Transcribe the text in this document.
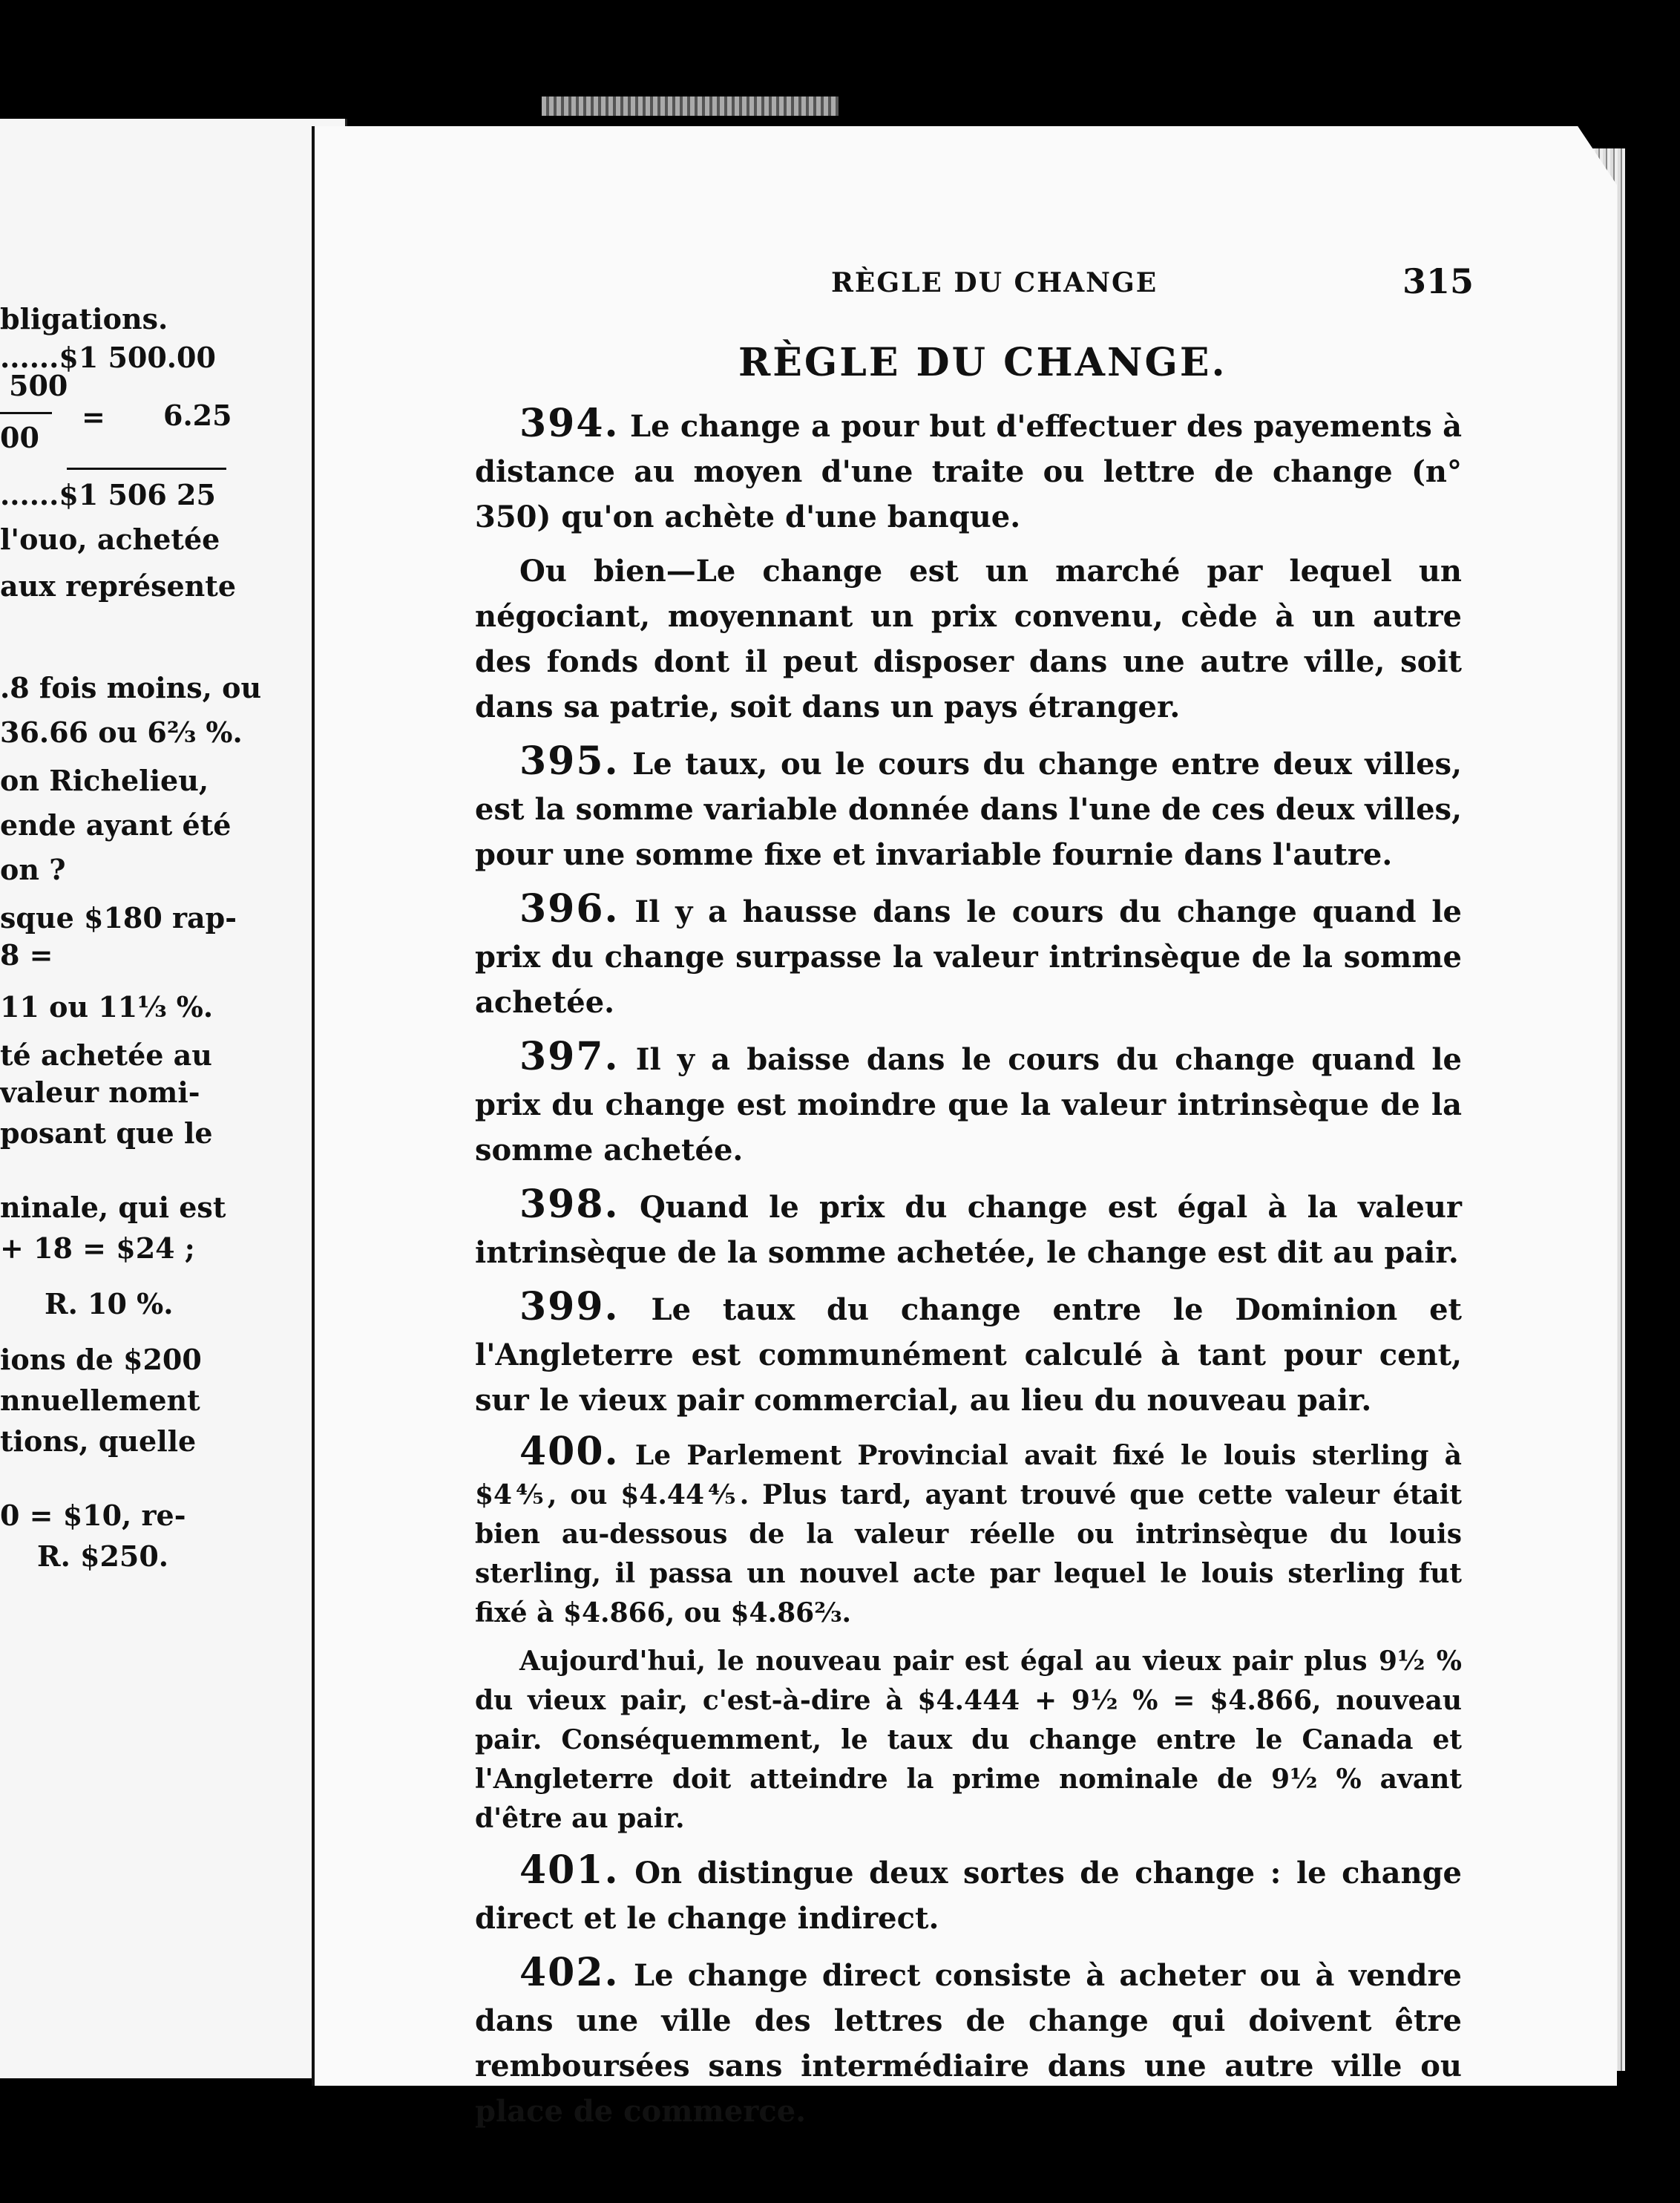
bligations.
......$1 500.00
500
00
= 6.25
......$1 506 25
l'ouo, achetée
aux représente
.8 fois moins, ou
36.66 ou 6⅔ %.
on Richelieu,
ende ayant été
on ?
sque $180 rap-
8 =
11 ou 11⅓ %.
té achetée au
valeur nomi-
posant que le
ninale, qui est
+ 18 = $24 ;
R. 10 %.
ions de $200
nnuellement
tions, quelle
0 = $10, re-
R. $250.
RÈGLE DU CHANGE	315
RÈGLE DU CHANGE.

394. Le change a pour but d'effectuer des payements à distance au moyen d'une traite ou lettre de change (n° 350) qu'on achète d'une banque.

Ou bien—Le change est un marché par lequel un négociant, moyennant un prix convenu, cède à un autre des fonds dont il peut disposer dans une autre ville, soit dans sa patrie, soit dans un pays étranger.

395. Le taux, ou le cours du change entre deux villes, est la somme variable donnée dans l'une de ces deux villes, pour une somme fixe et invariable fournie dans l'autre.

396. Il y a hausse dans le cours du change quand le prix du change surpasse la valeur intrinsèque de la somme achetée.

397. Il y a baisse dans le cours du change quand le prix du change est moindre que la valeur intrinsèque de la somme achetée.

398. Quand le prix du change est égal à la valeur intrinsèque de la somme achetée, le change est dit au pair.

399. Le taux du change entre le Dominion et l'Angleterre est communément calculé à tant pour cent, sur le vieux pair commercial, au lieu du nouveau pair.

400. Le Parlement Provincial avait fixé le louis sterling à $4⅘, ou $4.44⅘. Plus tard, ayant trouvé que cette valeur était bien au-dessous de la valeur réelle ou intrinsèque du louis sterling, il passa un nouvel acte par lequel le louis sterling fut fixé à $4.866, ou $4.86⅔.

Aujourd'hui, le nouveau pair est égal au vieux pair plus 9½ % du vieux pair, c'est-à-dire à $4.444 + 9½ % = $4.866, nouveau pair. Conséquemment, le taux du change entre le Canada et l'Angleterre doit atteindre la prime nominale de 9½ % avant d'être au pair.

401. On distingue deux sortes de change : le change direct et le change indirect.

402. Le change direct consiste à acheter ou à vendre dans une ville des lettres de change qui doivent être remboursées sans intermédiaire dans une autre ville ou place de commerce.
